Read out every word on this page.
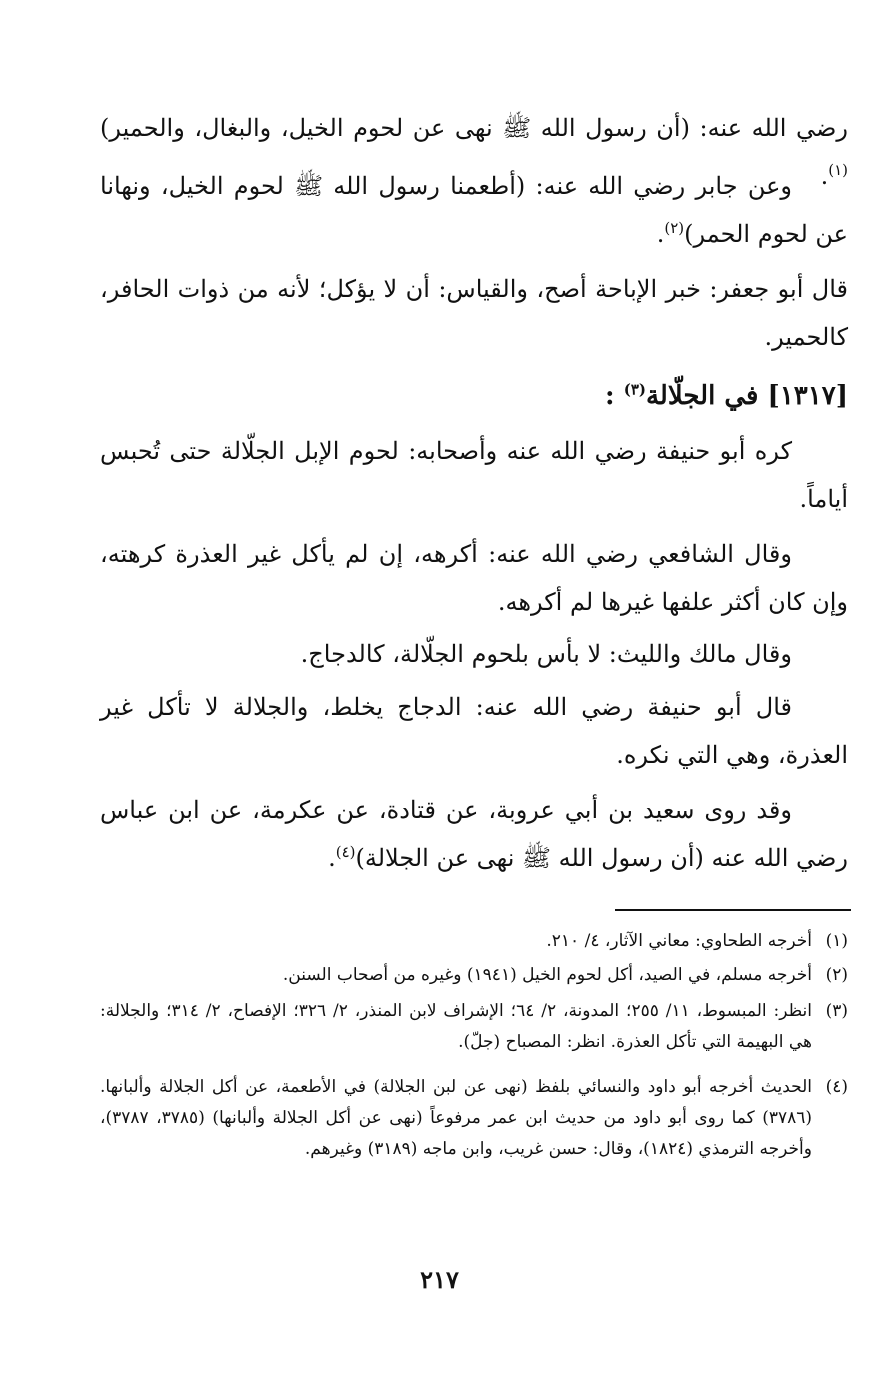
رضي الله عنه: (أن رسول الله ﷺ نهى عن لحوم الخيل، والبغال، والحمير)$^{(١)}$.

وعن جابر رضي الله عنه: (أطعمنا رسول الله ﷺ لحوم الخيل، ونهانا عن لحوم الحمر)$^{(٢)}$.

قال أبو جعفر: خبر الإباحة أصح، والقياس: أن لا يؤكل؛ لأنه من ذوات الحافر، كالحمير.

[١٣١٧] في الجلّالة$^{(٣)}$ :

كره أبو حنيفة رضي الله عنه وأصحابه: لحوم الإبل الجلّالة حتى تُحبس أياماً.

وقال الشافعي رضي الله عنه: أكرهه، إن لم يأكل غير العذرة كرهته، وإن كان أكثر علفها غيرها لم أكرهه.

وقال مالك والليث: لا بأس بلحوم الجلّالة، كالدجاج.

قال أبو حنيفة رضي الله عنه: الدجاج يخلط، والجلالة لا تأكل غير العذرة، وهي التي نكره.

وقد روى سعيد بن أبي عروبة، عن قتادة، عن عكرمة، عن ابن عباس رضي الله عنه (أن رسول الله ﷺ نهى عن الجلالة)$^{(٤)}$.

(١)
أخرجه الطحاوي: معاني الآثار، ٤/ ٢١٠.
(٢)
أخرجه مسلم، في الصيد، أكل لحوم الخيل (١٩٤١) وغيره من أصحاب السنن.
(٣)
انظر: المبسوط، ١١/ ٢٥٥؛ المدونة، ٢/ ٦٤؛ الإشراف لابن المنذر، ٢/ ٣٢٦؛ الإفصاح، ٢/ ٣١٤؛ والجلالة: هي البهيمة التي تأكل العذرة. انظر: المصباح (جلّ).
(٤)
الحديث أخرجه أبو داود والنسائي بلفظ (نهى عن لبن الجلالة) في الأطعمة، عن أكل الجلالة وألبانها. (٣٧٨٦) كما روى أبو داود من حديث ابن عمر مرفوعاً (نهى عن أكل الجلالة وألبانها) (٣٧٨٥، ٣٧٨٧)، وأخرجه الترمذي (١٨٢٤)، وقال: حسن غريب، وابن ماجه (٣١٨٩) وغيرهم.
٢١٧
